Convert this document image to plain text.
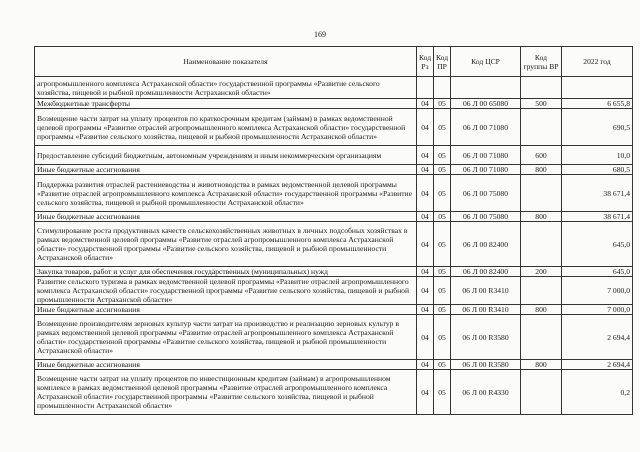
169
Наименование показателя	Код Рз	Код ПР	Код ЦСР	Код группы ВР	2022 год
агропромышленного комплекса Астраханской области» государственной программы «Развитие сельского хозяйства, пищевой и рыбной промышленности Астраханской области»					
Межбюджетные трансферты	04	05	06 Л 00 65080	500	6 655,8
Возмещение части затрат на уплату процентов по краткосрочным кредитам (займам) в рамках ведомственной целевой программы «Развитие отраслей агропромышленного комплекса Астраханской области» государственной программы «Развитие сельского хозяйства, пищевой и рыбной промышленности Астраханской области»	04	05	06 Л 00 71080		690,5
Предоставление субсидий бюджетным, автономным учреждениям и иным некоммерческим организациям	04	05	06 Л 00 71080	600	10,0
Иные бюджетные ассигнования	04	05	06 Л 00 71080	800	680,5
Поддержка развития отраслей растениеводства и животноводства в рамках ведомственной целевой программы «Развитие отраслей агропромышленного комплекса Астраханской области» государственной программы «Развитие сельского хозяйства, пищевой и рыбной промышленности Астраханской области»	04	05	06 Л 00 75080		38 671,4
Иные бюджетные ассигнования	04	05	06 Л 00 75080	800	38 671,4
Стимулирование роста продуктивных качеств сельскохозяйственных животных в личных подсобных хозяйствах в рамках ведомственной целевой программы «Развитие отраслей агропромышленного комплекса Астраханской области» государственной программы «Развитие сельского хозяйства, пищевой и рыбной промышленности Астраханской области»	04	05	06 Л 00 82400		645,0
Закупка товаров, работ и услуг для обеспечения государственных (муниципальных) нужд	04	05	06 Л 00 82400	200	645,0
Развитие сельского туризма в рамках ведомственной целевой программы «Развитие отраслей агропромышленного комплекса Астраханской области» государственной программы «Развитие сельского хозяйства, пищевой и рыбной промышленности Астраханской области»	04	05	06 Л 00 R3410		7 000,0
Иные бюджетные ассигнования	04	05	06 Л 00 R3410	800	7 000,0
Возмещение производителям зерновых культур части затрат на производство и реализацию зерновых культур в рамках ведомственной целевой программы «Развитие отраслей агропромышленного комплекса Астраханской области» государственной программы «Развитие сельского хозяйства, пищевой и рыбной промышленности Астраханской области»	04	05	06 Л 00 R3580		2 694,4
Иные бюджетные ассигнования	04	05	06 Л 00 R3580	800	2 694,4
Возмещение части затрат на уплату процентов по инвестиционным кредитам (займам) в агропромышленном комплексе в рамках ведомственной целевой программы «Развитие отраслей агропромышленного комплекса Астраханской области» государственной программы «Развитие сельского хозяйства, пищевой и рыбной промышленности Астраханской области»	04	05	06 Л 00 R4330		0,2
